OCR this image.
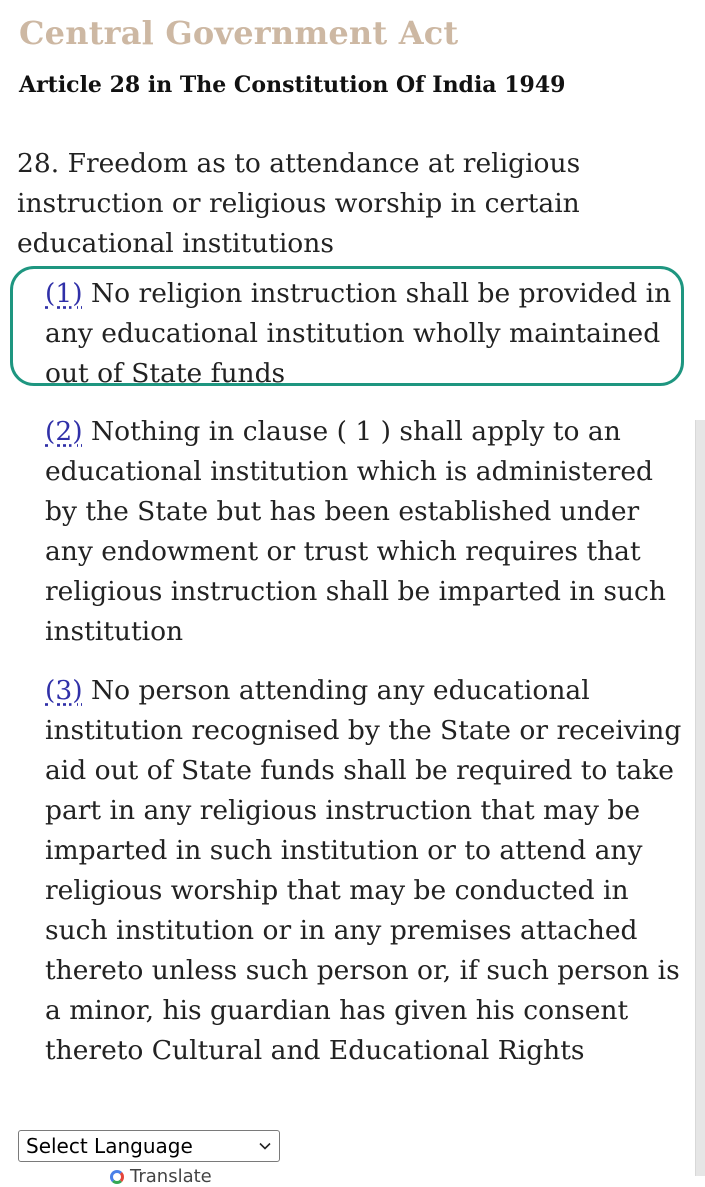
Central Government Act
Article 28 in The Constitution Of India 1949
28. Freedom as to attendance at religious instruction or religious worship in certain educational institutions
(1) No religion instruction shall be provided in any educational institution wholly maintained out of State funds
(2) Nothing in clause ( 1 ) shall apply to an educational institution which is administered by the State but has been established under any endowment or trust which requires that religious instruction shall be imparted in such institution
(3) No person attending any educational institution recognised by the State or receiving aid out of State funds shall be required to take part in any religious instruction that may be imparted in such institution or to attend any religious worship that may be conducted in such institution or in any premises attached thereto unless such person or, if such person is a minor, his guardian has given his consent thereto Cultural and Educational Rights
Select Language
Translate
